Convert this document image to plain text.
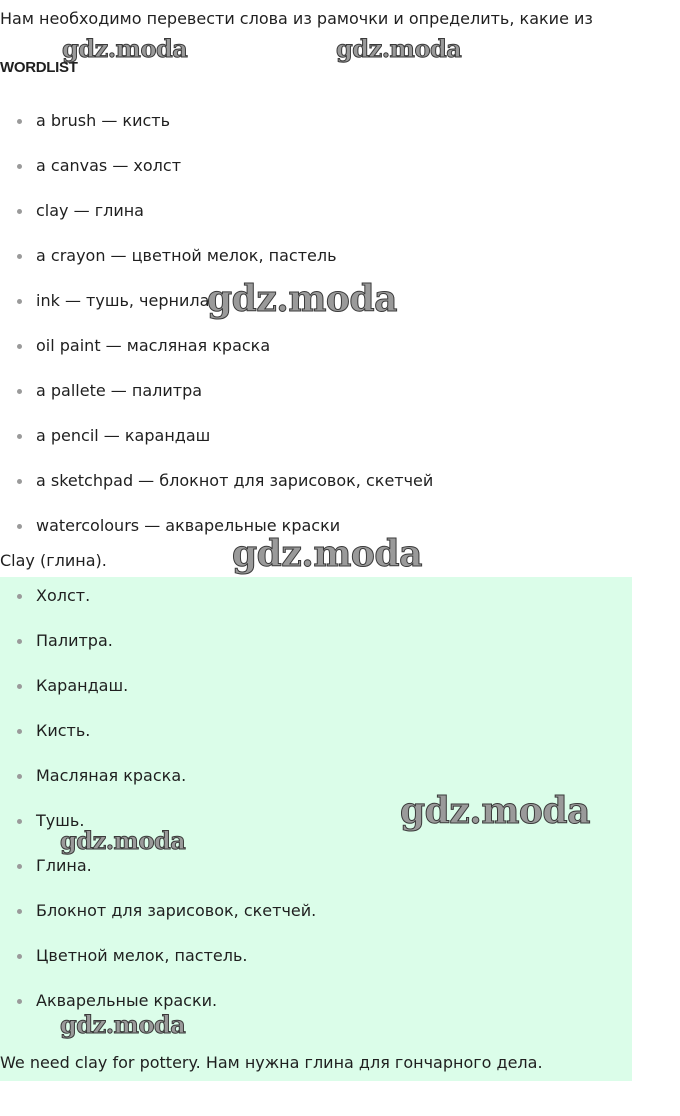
Нам необходимо перевести слова из рамочки и определить, какие из
WORDLIST
a brush — кисть
a canvas — холст
clay — глина
a crayon — цветной мелок, пастель
ink — тушь, чернила
oil paint — масляная краска
a pallete — палитра
a pencil — карандаш
a sketchpad — блокнот для зарисовок, скетчей
watercolours — акварельные краски
Clay (глина).
Холст.
Палитра.
Карандаш.
Кисть.
Масляная краска.
Тушь.
Глина.
Блокнот для зарисовок, скетчей.
Цветной мелок, пастель.
Акварельные краски.
We need clay for pottery. Нам нужна глина для гончарного дела.
gdz.moda	gdz.moda
gdz.moda
gdz.moda
gdz.moda
gdz.moda
gdz.moda
